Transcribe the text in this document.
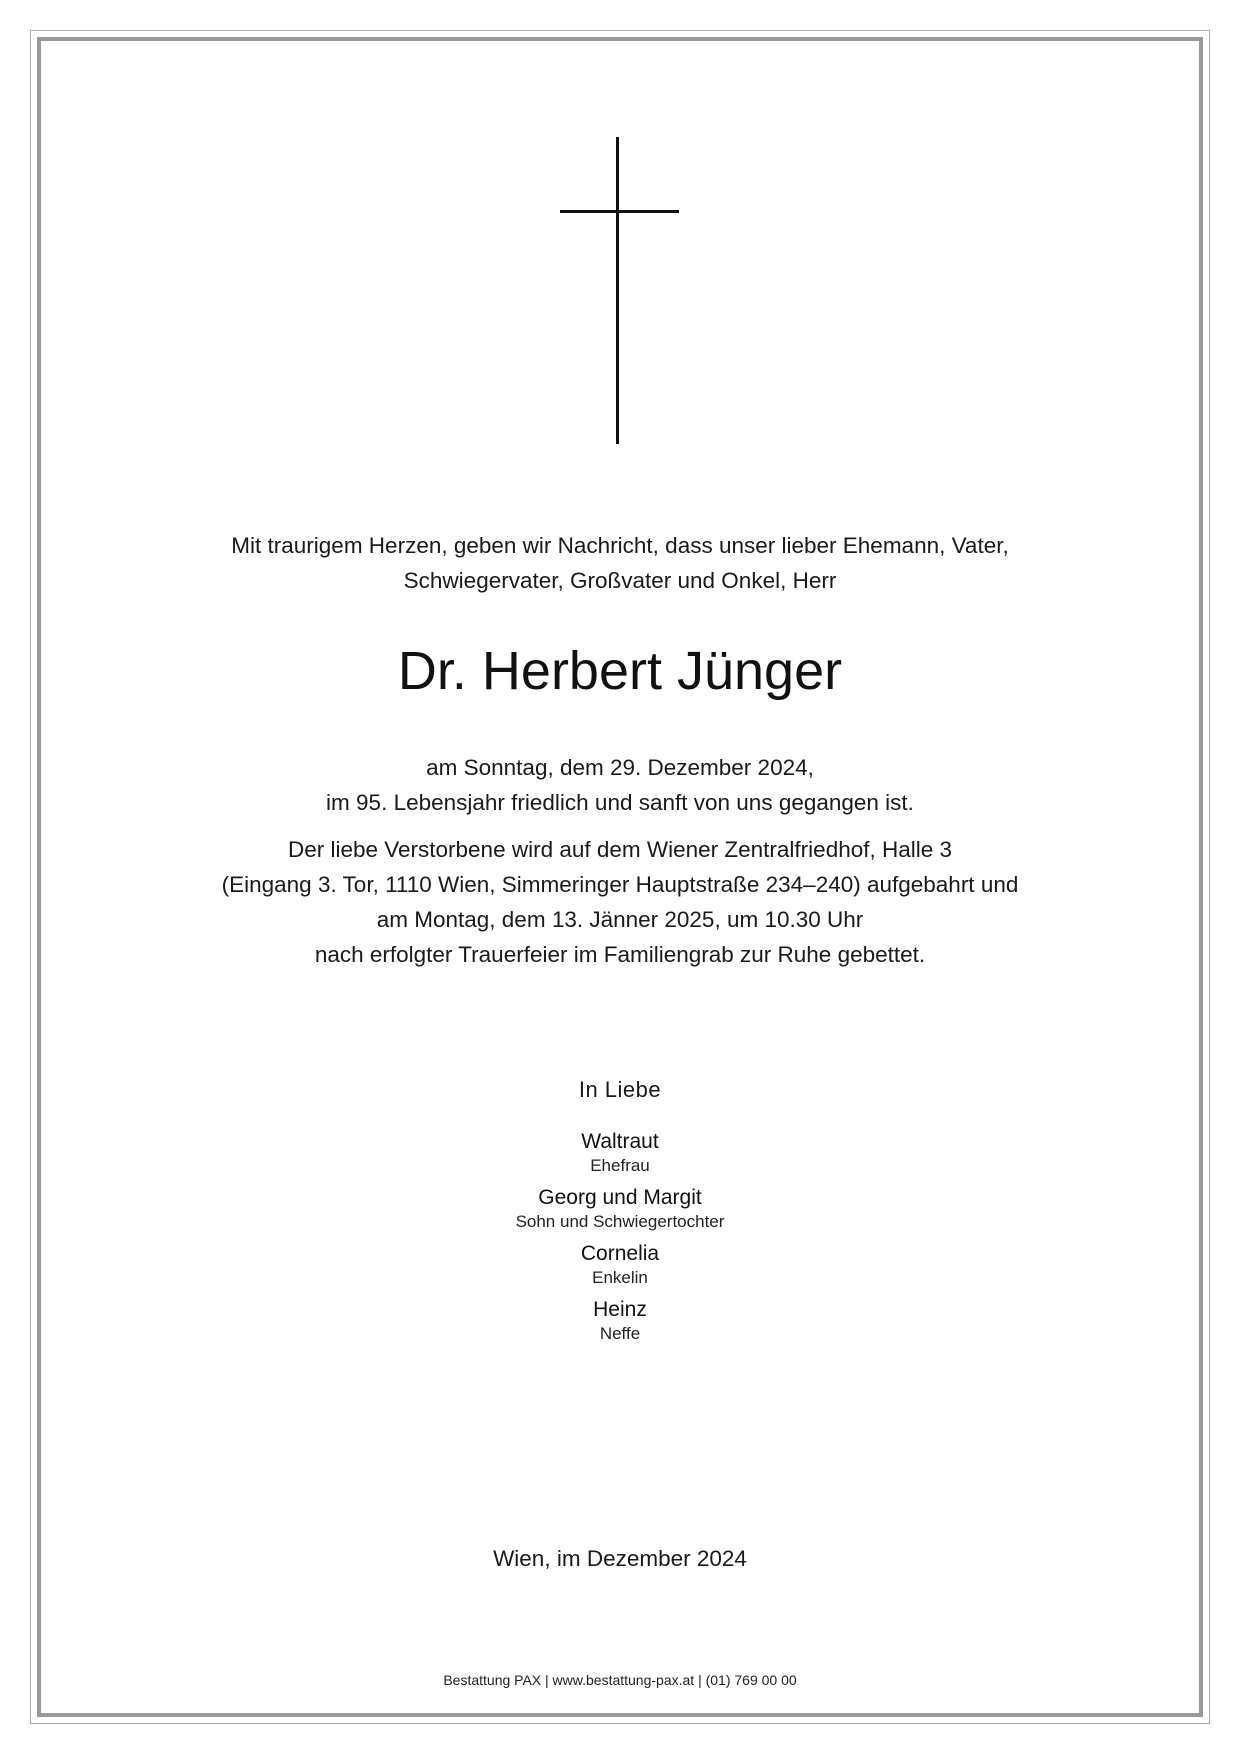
Mit traurigem Herzen, geben wir Nachricht, dass unser lieber Ehemann, Vater,
Schwiegervater, Großvater und Onkel, Herr
Dr. Herbert Jünger
am Sonntag, dem 29. Dezember 2024,
im 95. Lebensjahr friedlich und sanft von uns gegangen ist.
Der liebe Verstorbene wird auf dem Wiener Zentralfriedhof, Halle 3
(Eingang 3. Tor, 1110 Wien, Simmeringer Hauptstraße 234–240) aufgebahrt und
am Montag, dem 13. Jänner 2025, um 10.30 Uhr
nach erfolgter Trauerfeier im Familiengrab zur Ruhe gebettet.
In Liebe
Waltraut
Ehefrau
Georg und Margit
Sohn und Schwiegertochter
Cornelia
Enkelin
Heinz
Neffe
Wien, im Dezember 2024
Bestattung PAX | www.bestattung-pax.at | (01) 769 00 00
